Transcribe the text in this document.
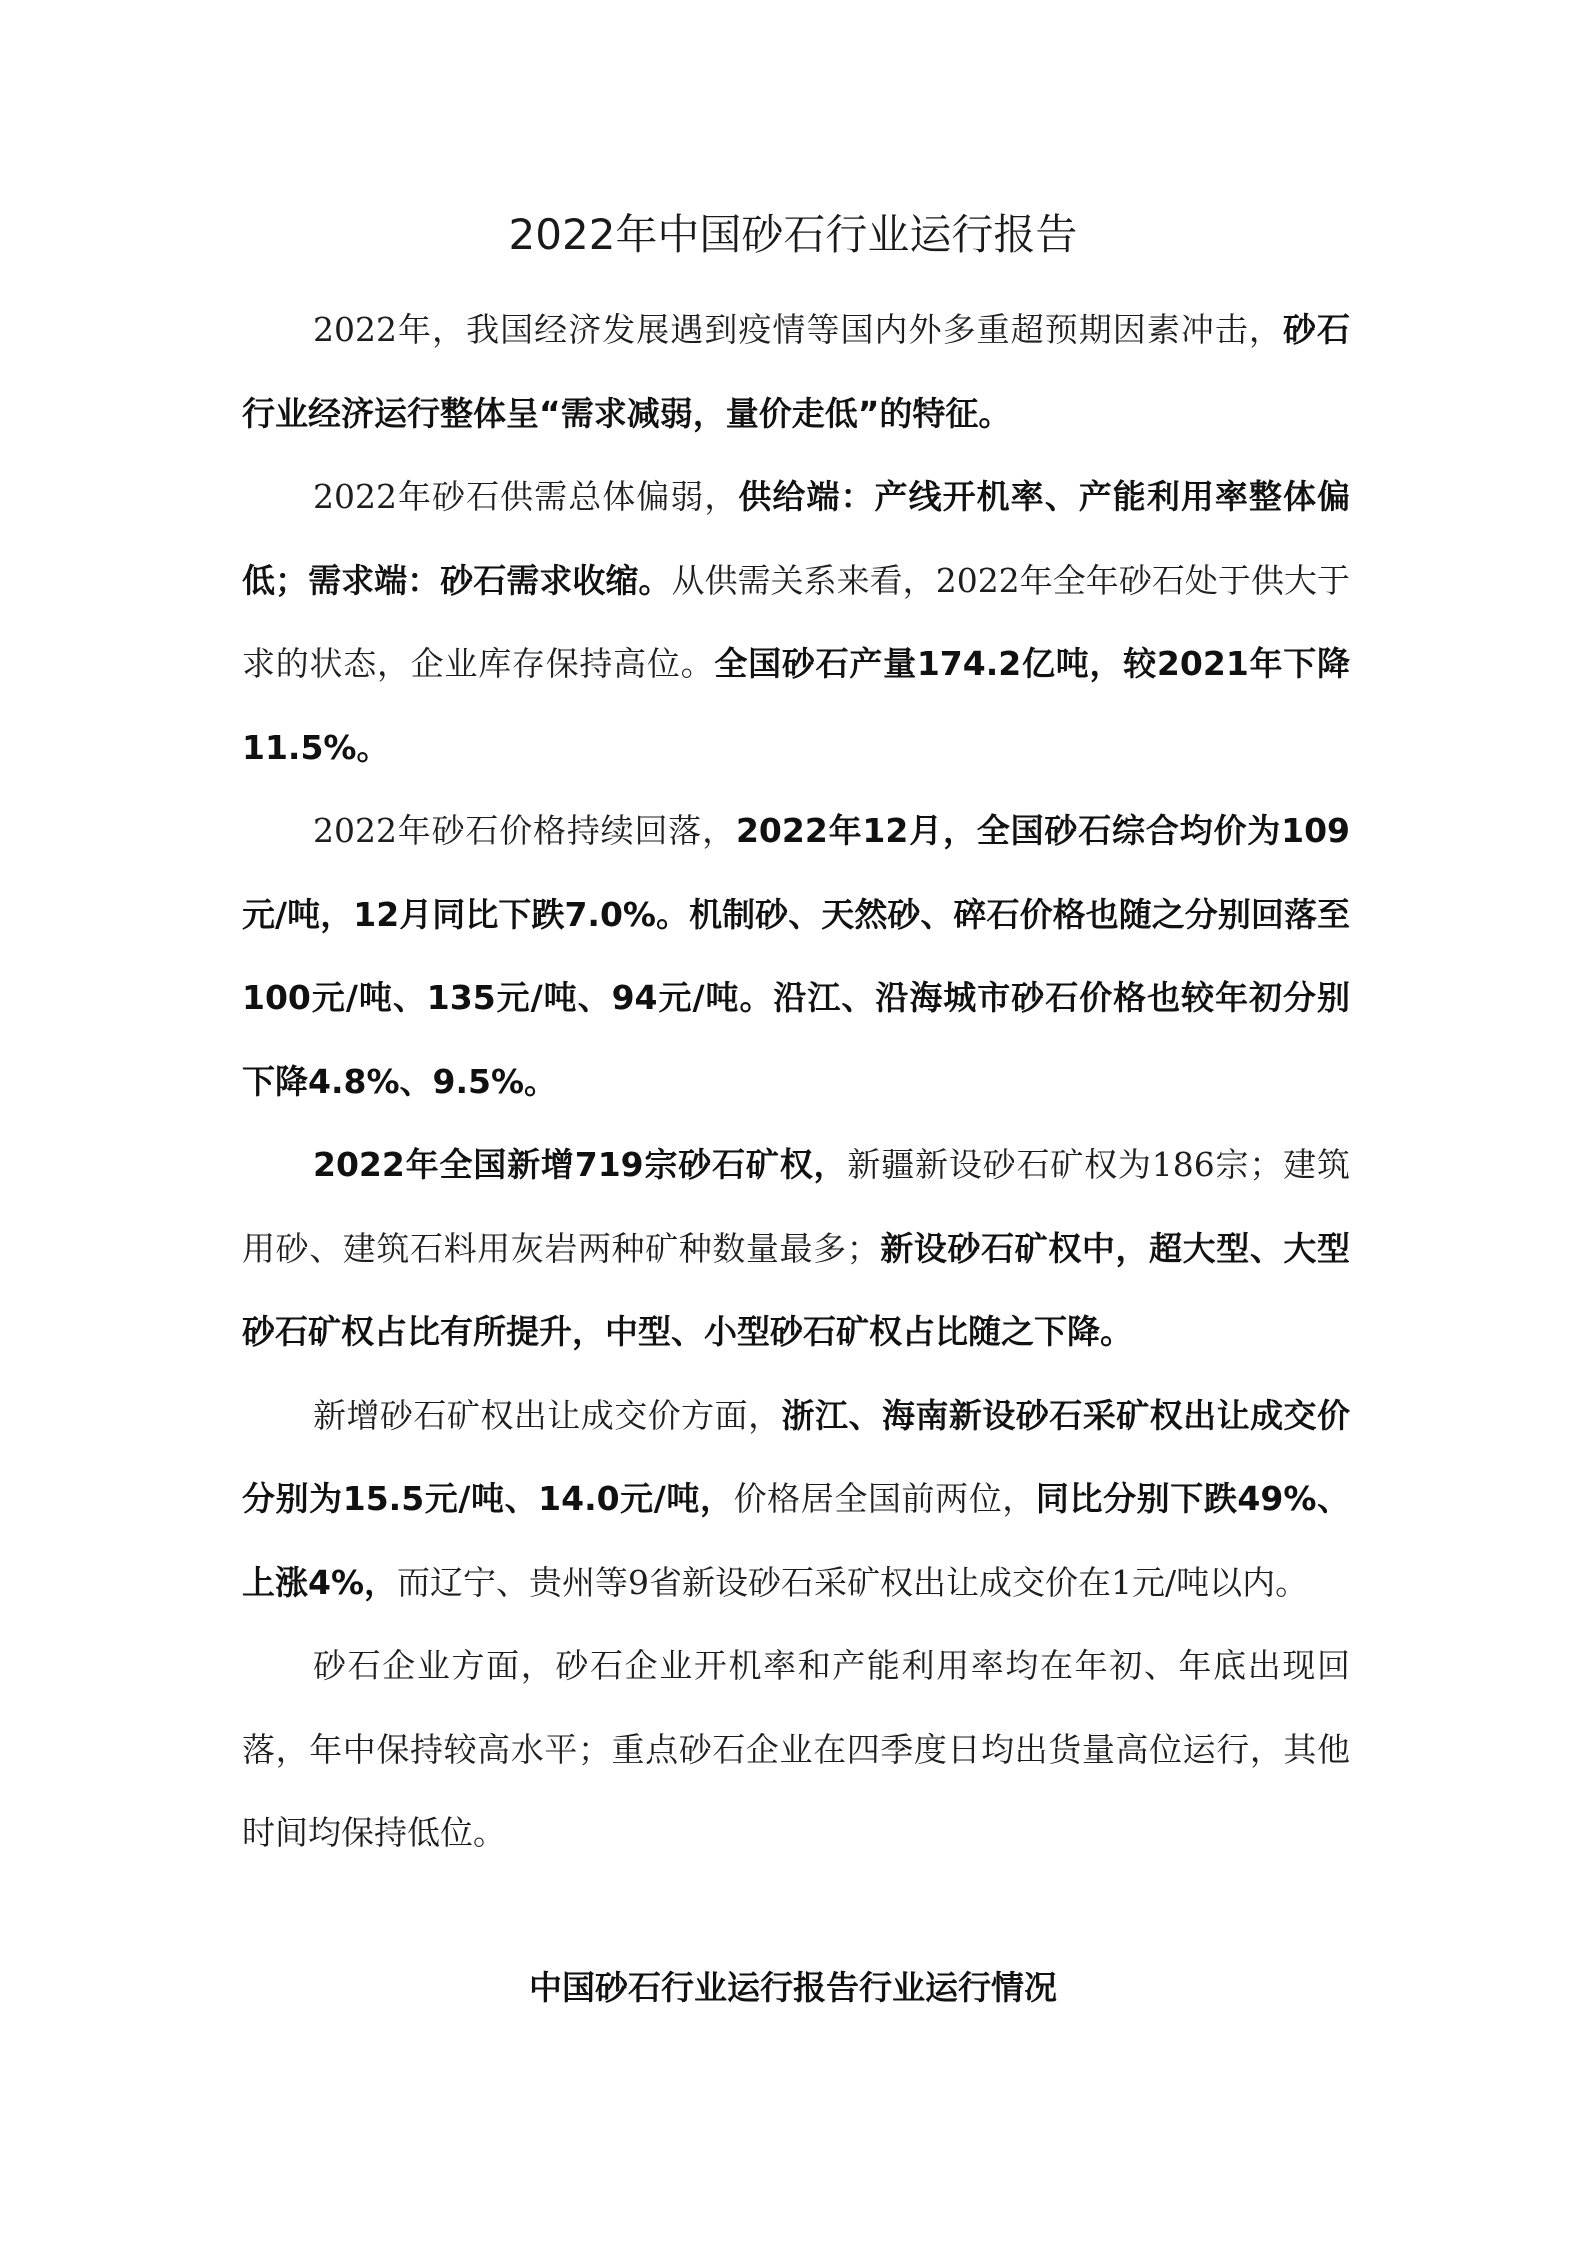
2022年中国砂石行业运行报告

2022年，我国经济发展遇到疫情等国内外多重超预期因素冲击，砂石行业经济运行整体呈“需求减弱，量价走低”的特征。

2022年砂石供需总体偏弱，供给端：产线开机率、产能利用率整体偏低；需求端：砂石需求收缩。从供需关系来看，2022年全年砂石处于供大于求的状态，企业库存保持高位。全国砂石产量174.2亿吨，较2021年下降11.5%。

2022年砂石价格持续回落，2022年12月，全国砂石综合均价为109元/吨，12月同比下跌7.0%。机制砂、天然砂、碎石价格也随之分别回落至100元/吨、135元/吨、94元/吨。沿江、沿海城市砂石价格也较年初分别下降4.8%、9.5%。

2022年全国新增719宗砂石矿权，新疆新设砂石矿权为186宗；建筑用砂、建筑石料用灰岩两种矿种数量最多；新设砂石矿权中，超大型、大型砂石矿权占比有所提升，中型、小型砂石矿权占比随之下降。

新增砂石矿权出让成交价方面，浙江、海南新设砂石采矿权出让成交价分别为15.5元/吨、14.0元/吨，价格居全国前两位，同比分别下跌49%、上涨4%，而辽宁、贵州等9省新设砂石采矿权出让成交价在1元/吨以内。

砂石企业方面，砂石企业开机率和产能利用率均在年初、年底出现回落，年中保持较高水平；重点砂石企业在四季度日均出货量高位运行，其他时间均保持低位。

中国砂石行业运行报告行业运行情况
